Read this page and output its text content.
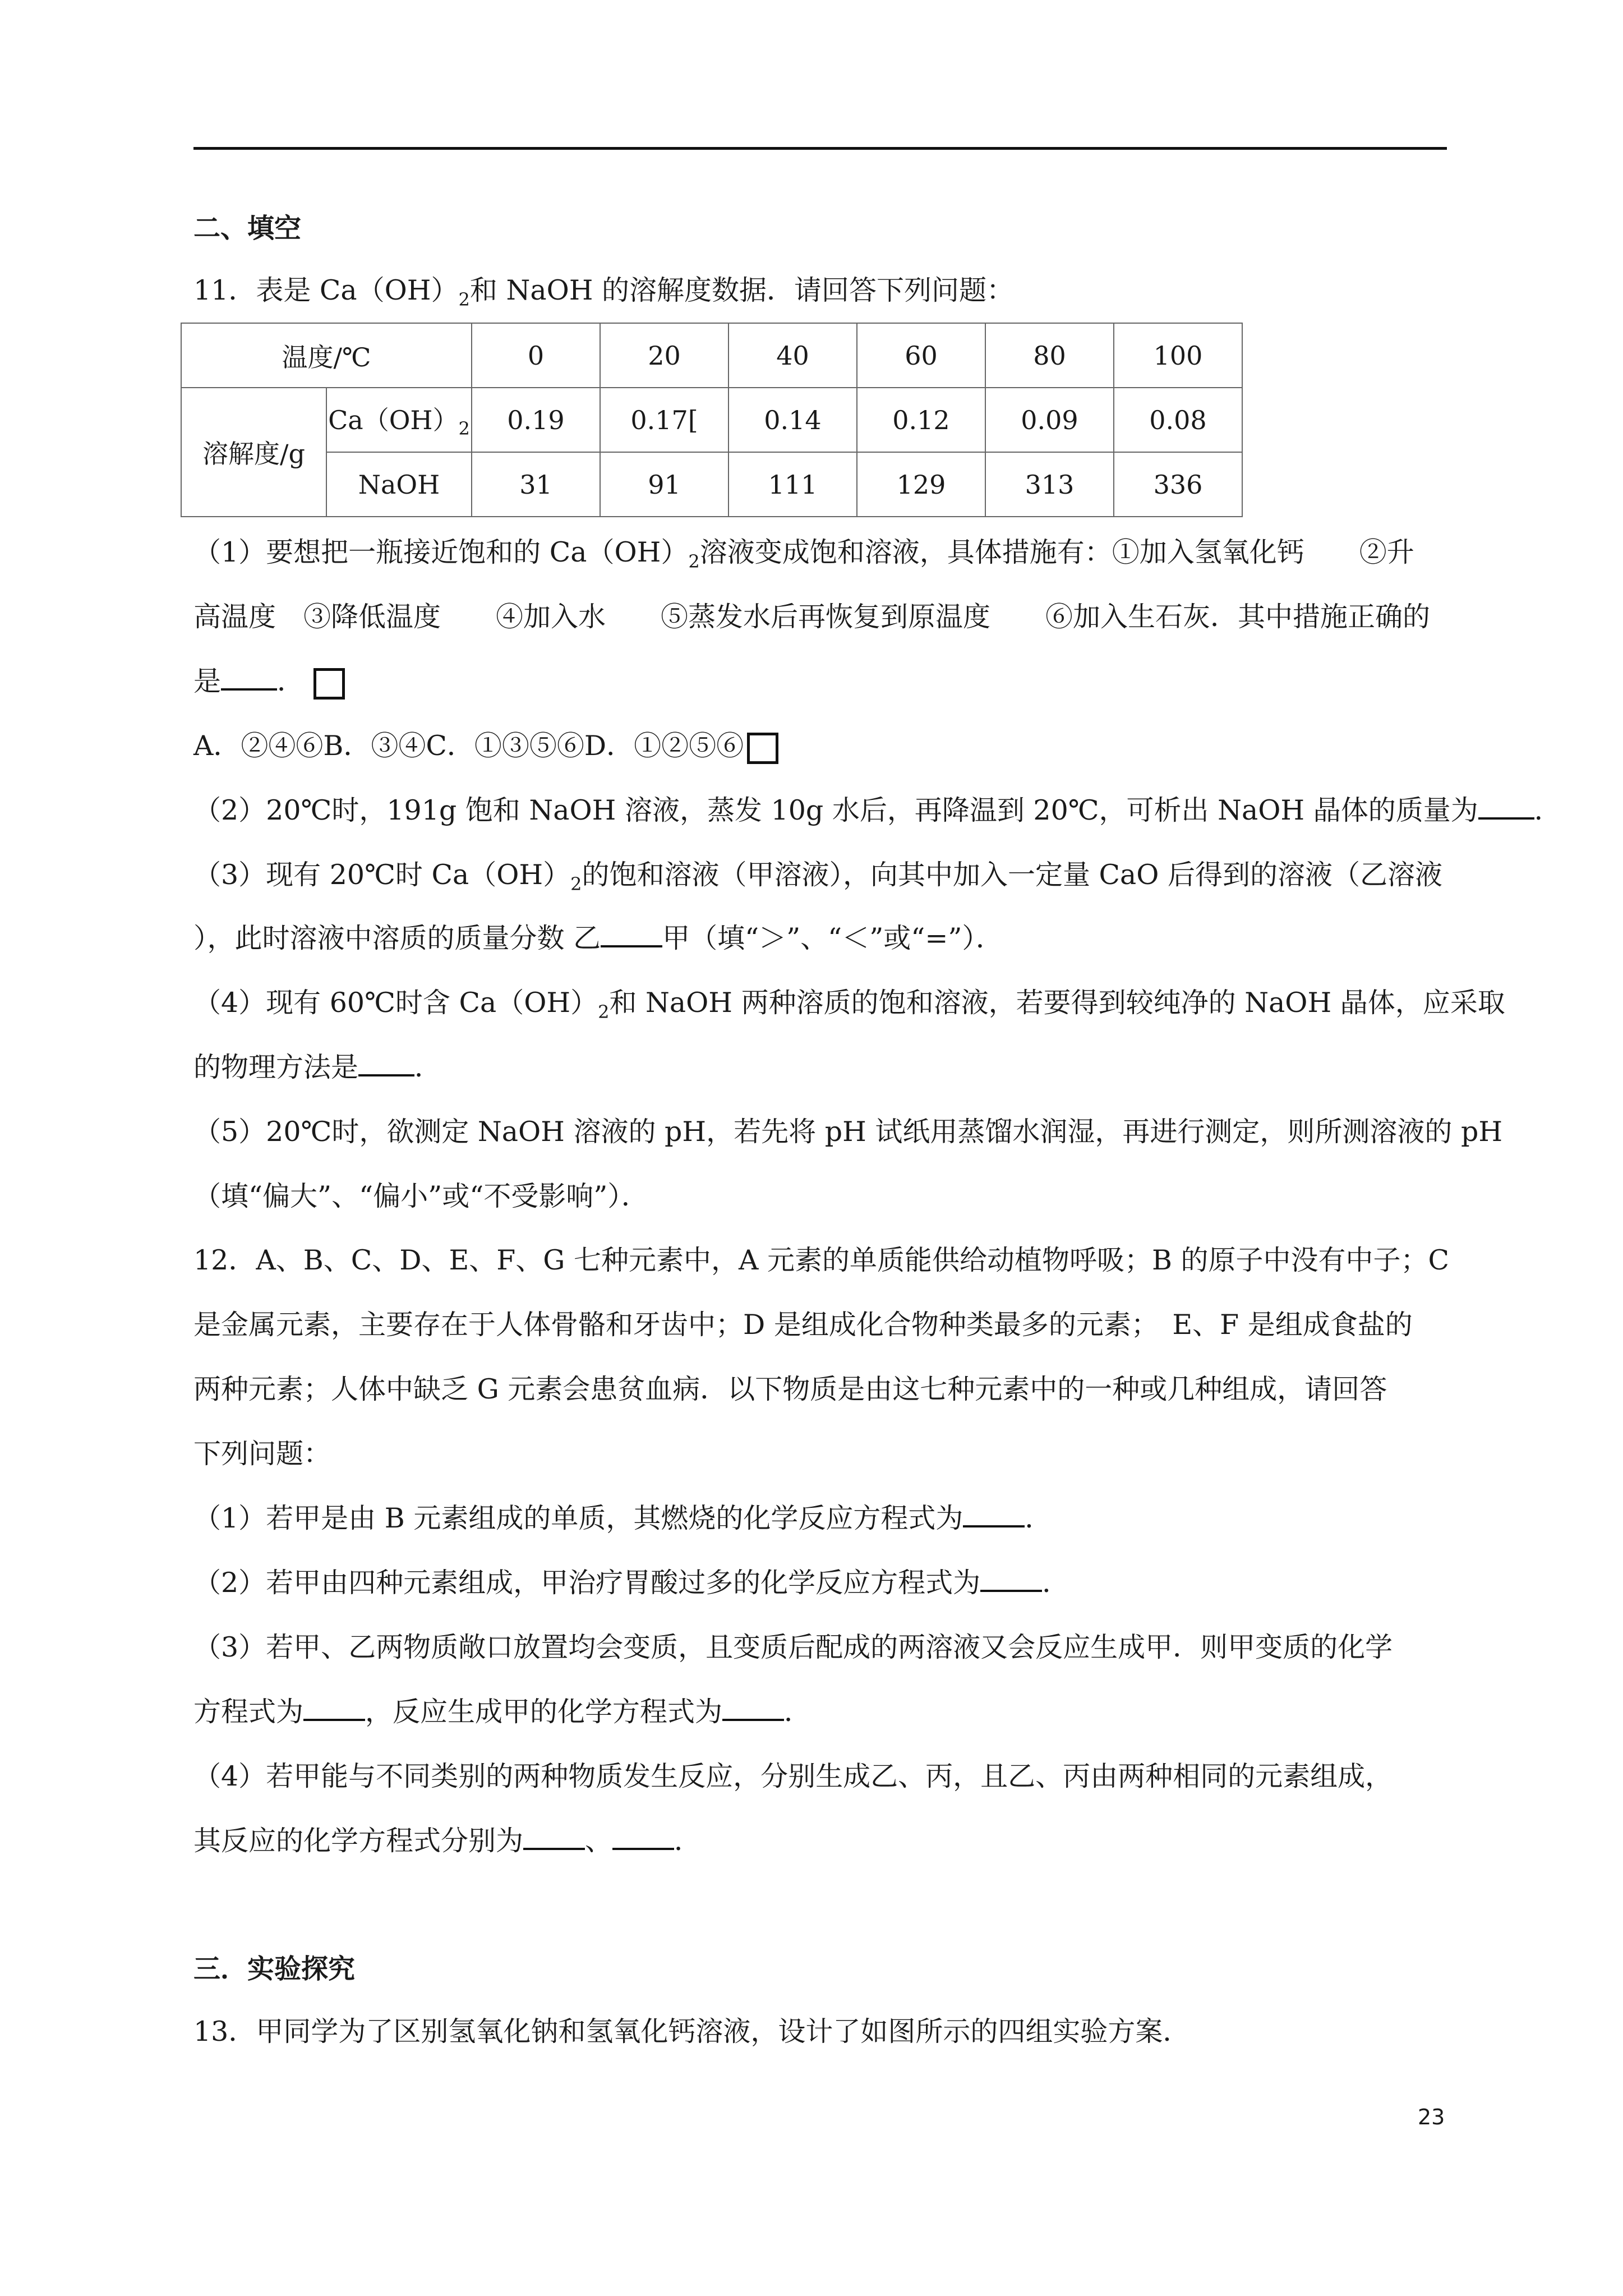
二、填空
11．表是 $Ca(OH)_2$和 NaOH 的溶解度数据．请回答下列问题：
温度/℃		0	20	40	60	80	100
溶解度/g	$Ca(OH)_2$	0.19	0.17[	0.14	0.12	0.09	0.08
	NaOH	31	91	111	129	313	336
（1）要想把一瓶接近饱和的 $Ca(OH)_2$溶液变成饱和溶液，具体措施有：①加入氢氧化钙　　②升
高温度　③降低温度　　④加入水　　⑤蒸发水后再恢复到原温度　　⑥加入生石灰．其中措施正确的
是 ．
A．②④⑥B．③④C．①③⑤⑥D．①②⑤⑥
（2）20℃时，191g 饱和 NaOH 溶液，蒸发 10g 水后，再降温到 20℃，可析出 NaOH 晶体的质量为 ．
（3）现有 20℃时 $Ca(OH)_2$的饱和溶液（甲溶液），向其中加入一定量 CaO 后得到的溶液（乙溶液
），此时溶液中溶质的质量分数 乙 甲（填“＞”、“＜”或“=”）．
（4）现有 60℃时含 $Ca(OH)_2$和 NaOH 两种溶质的饱和溶液，若要得到较纯净的 NaOH 晶体，应采取
的物理方法是 ．
（5）20℃时，欲测定 NaOH 溶液的 pH，若先将 pH 试纸用蒸馏水润湿，再进行测定，则所测溶液的 pH
（填“偏大”、“偏小”或“不受影响”）．
12．A、B、C、D、E、F、G 七种元素中，A 元素的单质能供给动植物呼吸；B 的原子中没有中子；C
是金属元素，主要存在于人体骨骼和牙齿中；D 是组成化合物种类最多的元素；　E、F 是组成食盐的
两种元素；人体中缺乏 G 元素会患贫血病．以下物质是由这七种元素中的一种或几种组成，请回答
下列问题：
（1）若甲是由 B 元素组成的单质，其燃烧的化学反应方程式为 ．
（2）若甲由四种元素组成，甲治疗胃酸过多的化学反应方程式为 ．
（3）若甲、乙两物质敞口放置均会变质，且变质后配成的两溶液又会反应生成甲．则甲变质的化学
方程式为 ，反应生成甲的化学方程式为 ．
（4）若甲能与不同类别的两种物质发生反应，分别生成乙、丙，且乙、丙由两种相同的元素组成，
其反应的化学方程式分别为 、 ．
三．实验探究
13．甲同学为了区别氢氧化钠和氢氧化钙溶液，设计了如图所示的四组实验方案．
23
